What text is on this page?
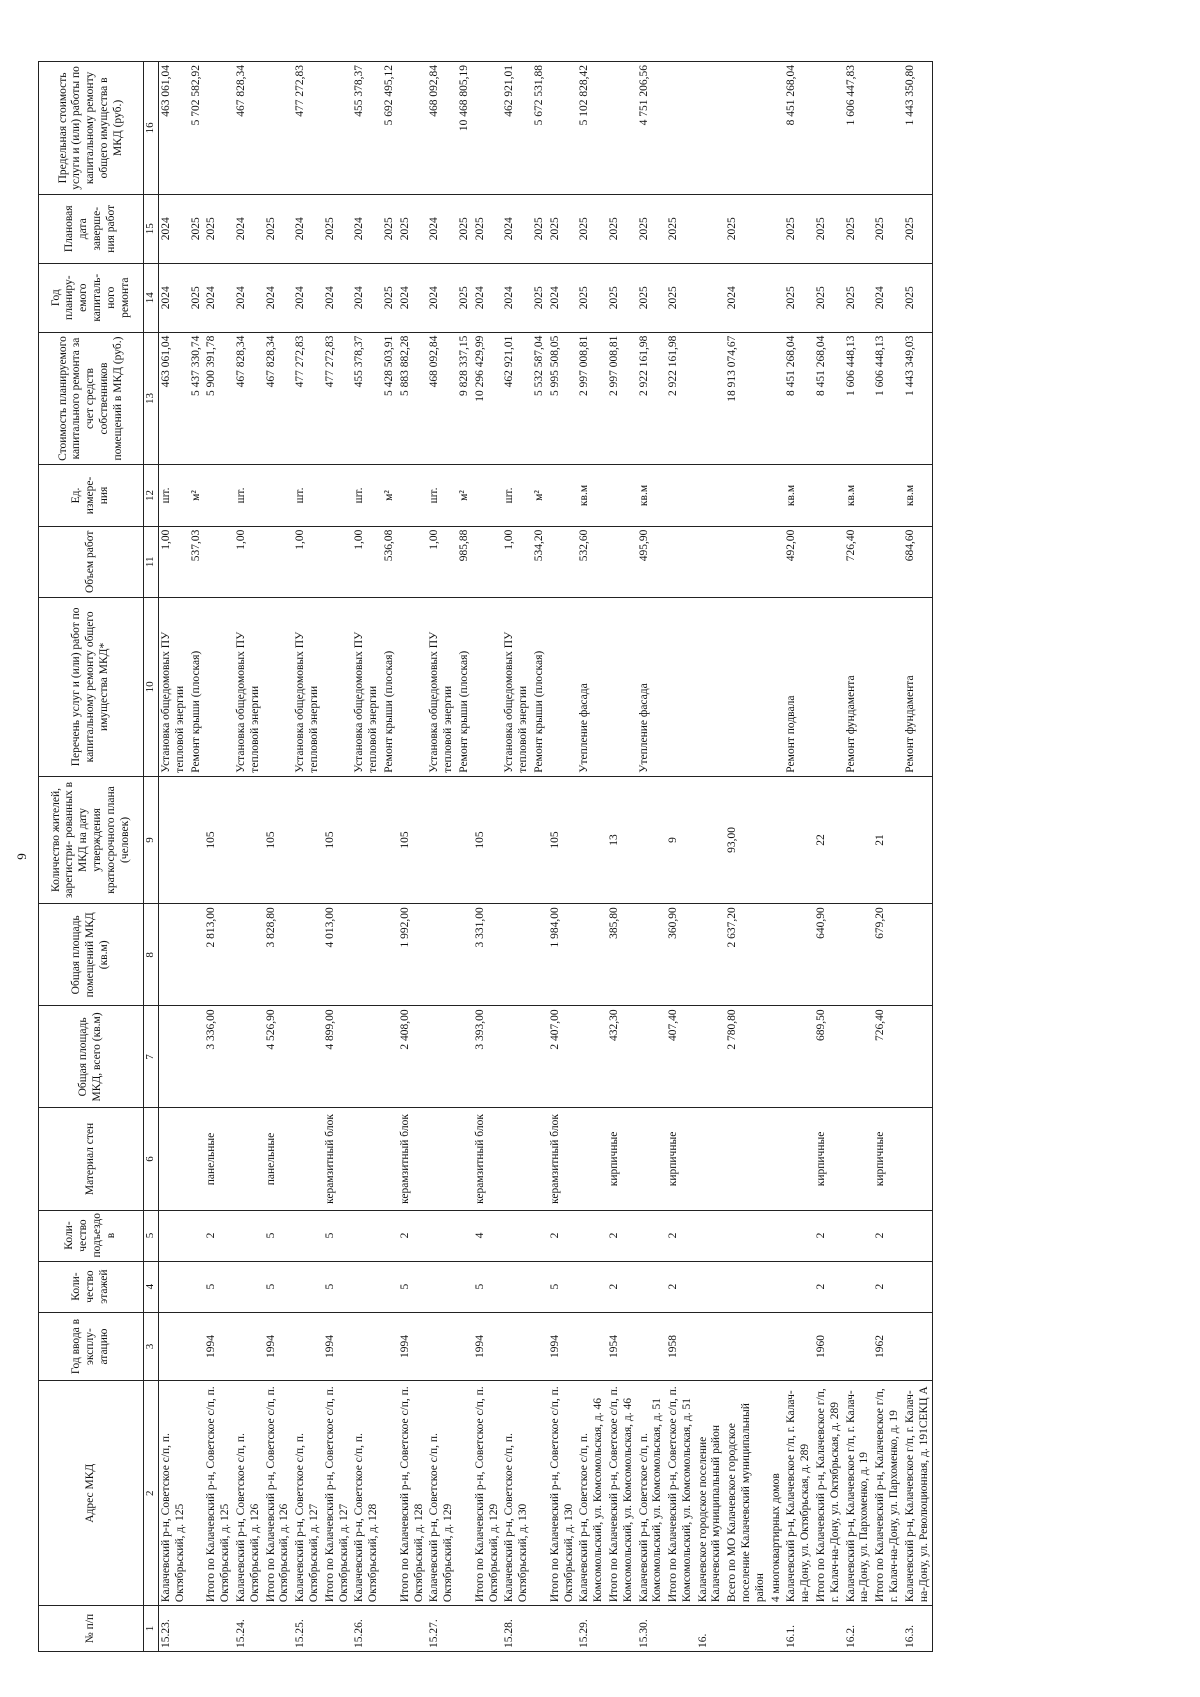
9
№ п/п	Адрес МКД	Год ввода в эксплу- атацию	Коли- чество этажей	Коли- чество подъездо в	Материал стен	Общая площадь МКД, всего (кв.м)	Общая площадь помещений МКД (кв.м)	Количество жителей, зарегистри- рованных в МКД на дату утверждения краткосрочного плана (человек)	Перечень услуг и (или) работ по капитальному ремонту общего имущества МКД*	Объем работ	Ед. измере- ния	Стоимость планируемого капитального ремонта за счет средств собственников помещений в МКД (руб.)	Год планиру- емого капиталь- ного ремонта	Плановая дата заверше- ния работ	Предельная стоимость услуги и (или) работы по капитальному ремонту общего имущества в МКД (руб.)
1	2	3	4	5	6	7	8	9	10	11	12	13	14	15	16
15.23.	Калачевский р-н, Советское с/п, п. Октябрьский, д. 125								Установка общедомовых ПУ тепловой энергии	1,00	шт.	463 061,04	2024	2024	463 061,04
									Ремонт крыши (плоская)	537,03	м²	5 437 330,74	2025	2025	5 702 582,92
	Итого по Калачевский р-н, Советское с/п, п. Октябрьский, д. 125	1994	5	2	панельные	3 336,00	2 813,00	105				5 900 391,78	2024	2025	
15.24.	Калачевский р-н, Советское с/п, п. Октябрьский, д. 126								Установка общедомовых ПУ тепловой энергии	1,00	шт.	467 828,34	2024	2024	467 828,34
	Итого по Калачевский р-н, Советское с/п, п. Октябрьский, д. 126	1994	5	5	панельные	4 526,90	3 828,80	105				467 828,34	2024	2025	
15.25.	Калачевский р-н, Советское с/п, п. Октябрьский, д. 127								Установка общедомовых ПУ тепловой энергии	1,00	шт.	477 272,83	2024	2024	477 272,83
	Итого по Калачевский р-н, Советское с/п, п. Октябрьский, д. 127	1994	5	5	керамзитный блок	4 899,00	4 013,00	105				477 272,83	2024	2025	
15.26.	Калачевский р-н, Советское с/п, п. Октябрьский, д. 128								Установка общедомовых ПУ тепловой энергии	1,00	шт.	455 378,37	2024	2024	455 378,37
									Ремонт крыши (плоская)	536,08	м²	5 428 503,91	2025	2025	5 692 495,12
	Итого по Калачевский р-н, Советское с/п, п. Октябрьский, д. 128	1994	5	2	керамзитный блок	2 408,00	1 992,00	105				5 883 882,28	2024	2025	
15.27.	Калачевский р-н, Советское с/п, п. Октябрьский, д. 129								Установка общедомовых ПУ тепловой энергии	1,00	шт.	468 092,84	2024	2024	468 092,84
									Ремонт крыши (плоская)	985,88	м²	9 828 337,15	2025	2025	10 468 805,19
	Итого по Калачевский р-н, Советское с/п, п. Октябрьский, д. 129	1994	5	4	керамзитный блок	3 393,00	3 331,00	105				10 296 429,99	2024	2025	
15.28.	Калачевский р-н, Советское с/п, п. Октябрьский, д. 130								Установка общедомовых ПУ тепловой энергии	1,00	шт.	462 921,01	2024	2024	462 921,01
									Ремонт крыши (плоская)	534,20	м²	5 532 587,04	2025	2025	5 672 531,88
	Итого по Калачевский р-н, Советское с/п, п. Октябрьский, д. 130	1994	5	2	керамзитный блок	2 407,00	1 984,00	105				5 995 508,05	2024	2025	
15.29.	Калачевский р-н, Советское с/п, п. Комсомольский, ул. Комсомольская, д. 46								Утепление фасада	532,60	кв.м	2 997 008,81	2025	2025	5 102 828,42
	Итого по Калачевский р-н, Советское с/п, п. Комсомольский, ул. Комсомольская, д. 46	1954	2	2	кирпичные	432,30	385,80	13				2 997 008,81	2025	2025	
15.30.	Калачевский р-н, Советское с/п, п. Комсомольский, ул. Комсомольская, д. 51								Утепление фасада	495,90	кв.м	2 922 161,98	2025	2025	4 751 206,56
	Итого по Калачевский р-н, Советское с/п, п. Комсомольский, ул. Комсомольская, д. 51	1958	2	2	кирпичные	407,40	360,90	9				2 922 161,98	2025	2025	
16.	Калачевское городское поселение Калачевский муниципальный район														
	Всего по МО Калачевское городское поселение Калачевский муниципальный район					2 780,80	2 637,20	93,00				18 913 074,67	2024	2025	
	4 многоквартирных домов														
16.1.	Калачевский р-н, Калачевское г/п, г. Калач-на-Дону, ул. Октябрьская, д. 289								Ремонт подвала	492,00	кв.м	8 451 268,04	2025	2025	8 451 268,04
	Итого по Калачевский р-н, Калачевское г/п, г. Калач-на-Дону, ул. Октябрьская, д. 289	1960	2	2	кирпичные	689,50	640,90	22				8 451 268,04	2025	2025	
16.2.	Калачевский р-н, Калачевское г/п, г. Калач-на-Дону, ул. Пархоменко, д. 19								Ремонт фундамента	726,40	кв.м	1 606 448,13	2025	2025	1 606 447,83
	Итого по Калачевский р-н, Калачевское г/п, г. Калач-на-Дону, ул. Пархоменко, д. 19	1962	2	2	кирпичные	726,40	679,20	21				1 606 448,13	2024	2025	
16.3.	Калачевский р-н, Калачевское г/п, г. Калач-на-Дону, ул. Революционная, д. 191СЕКЦ А								Ремонт фундамента	684,60	кв.м	1 443 349,03	2025	2025	1 443 350,80
